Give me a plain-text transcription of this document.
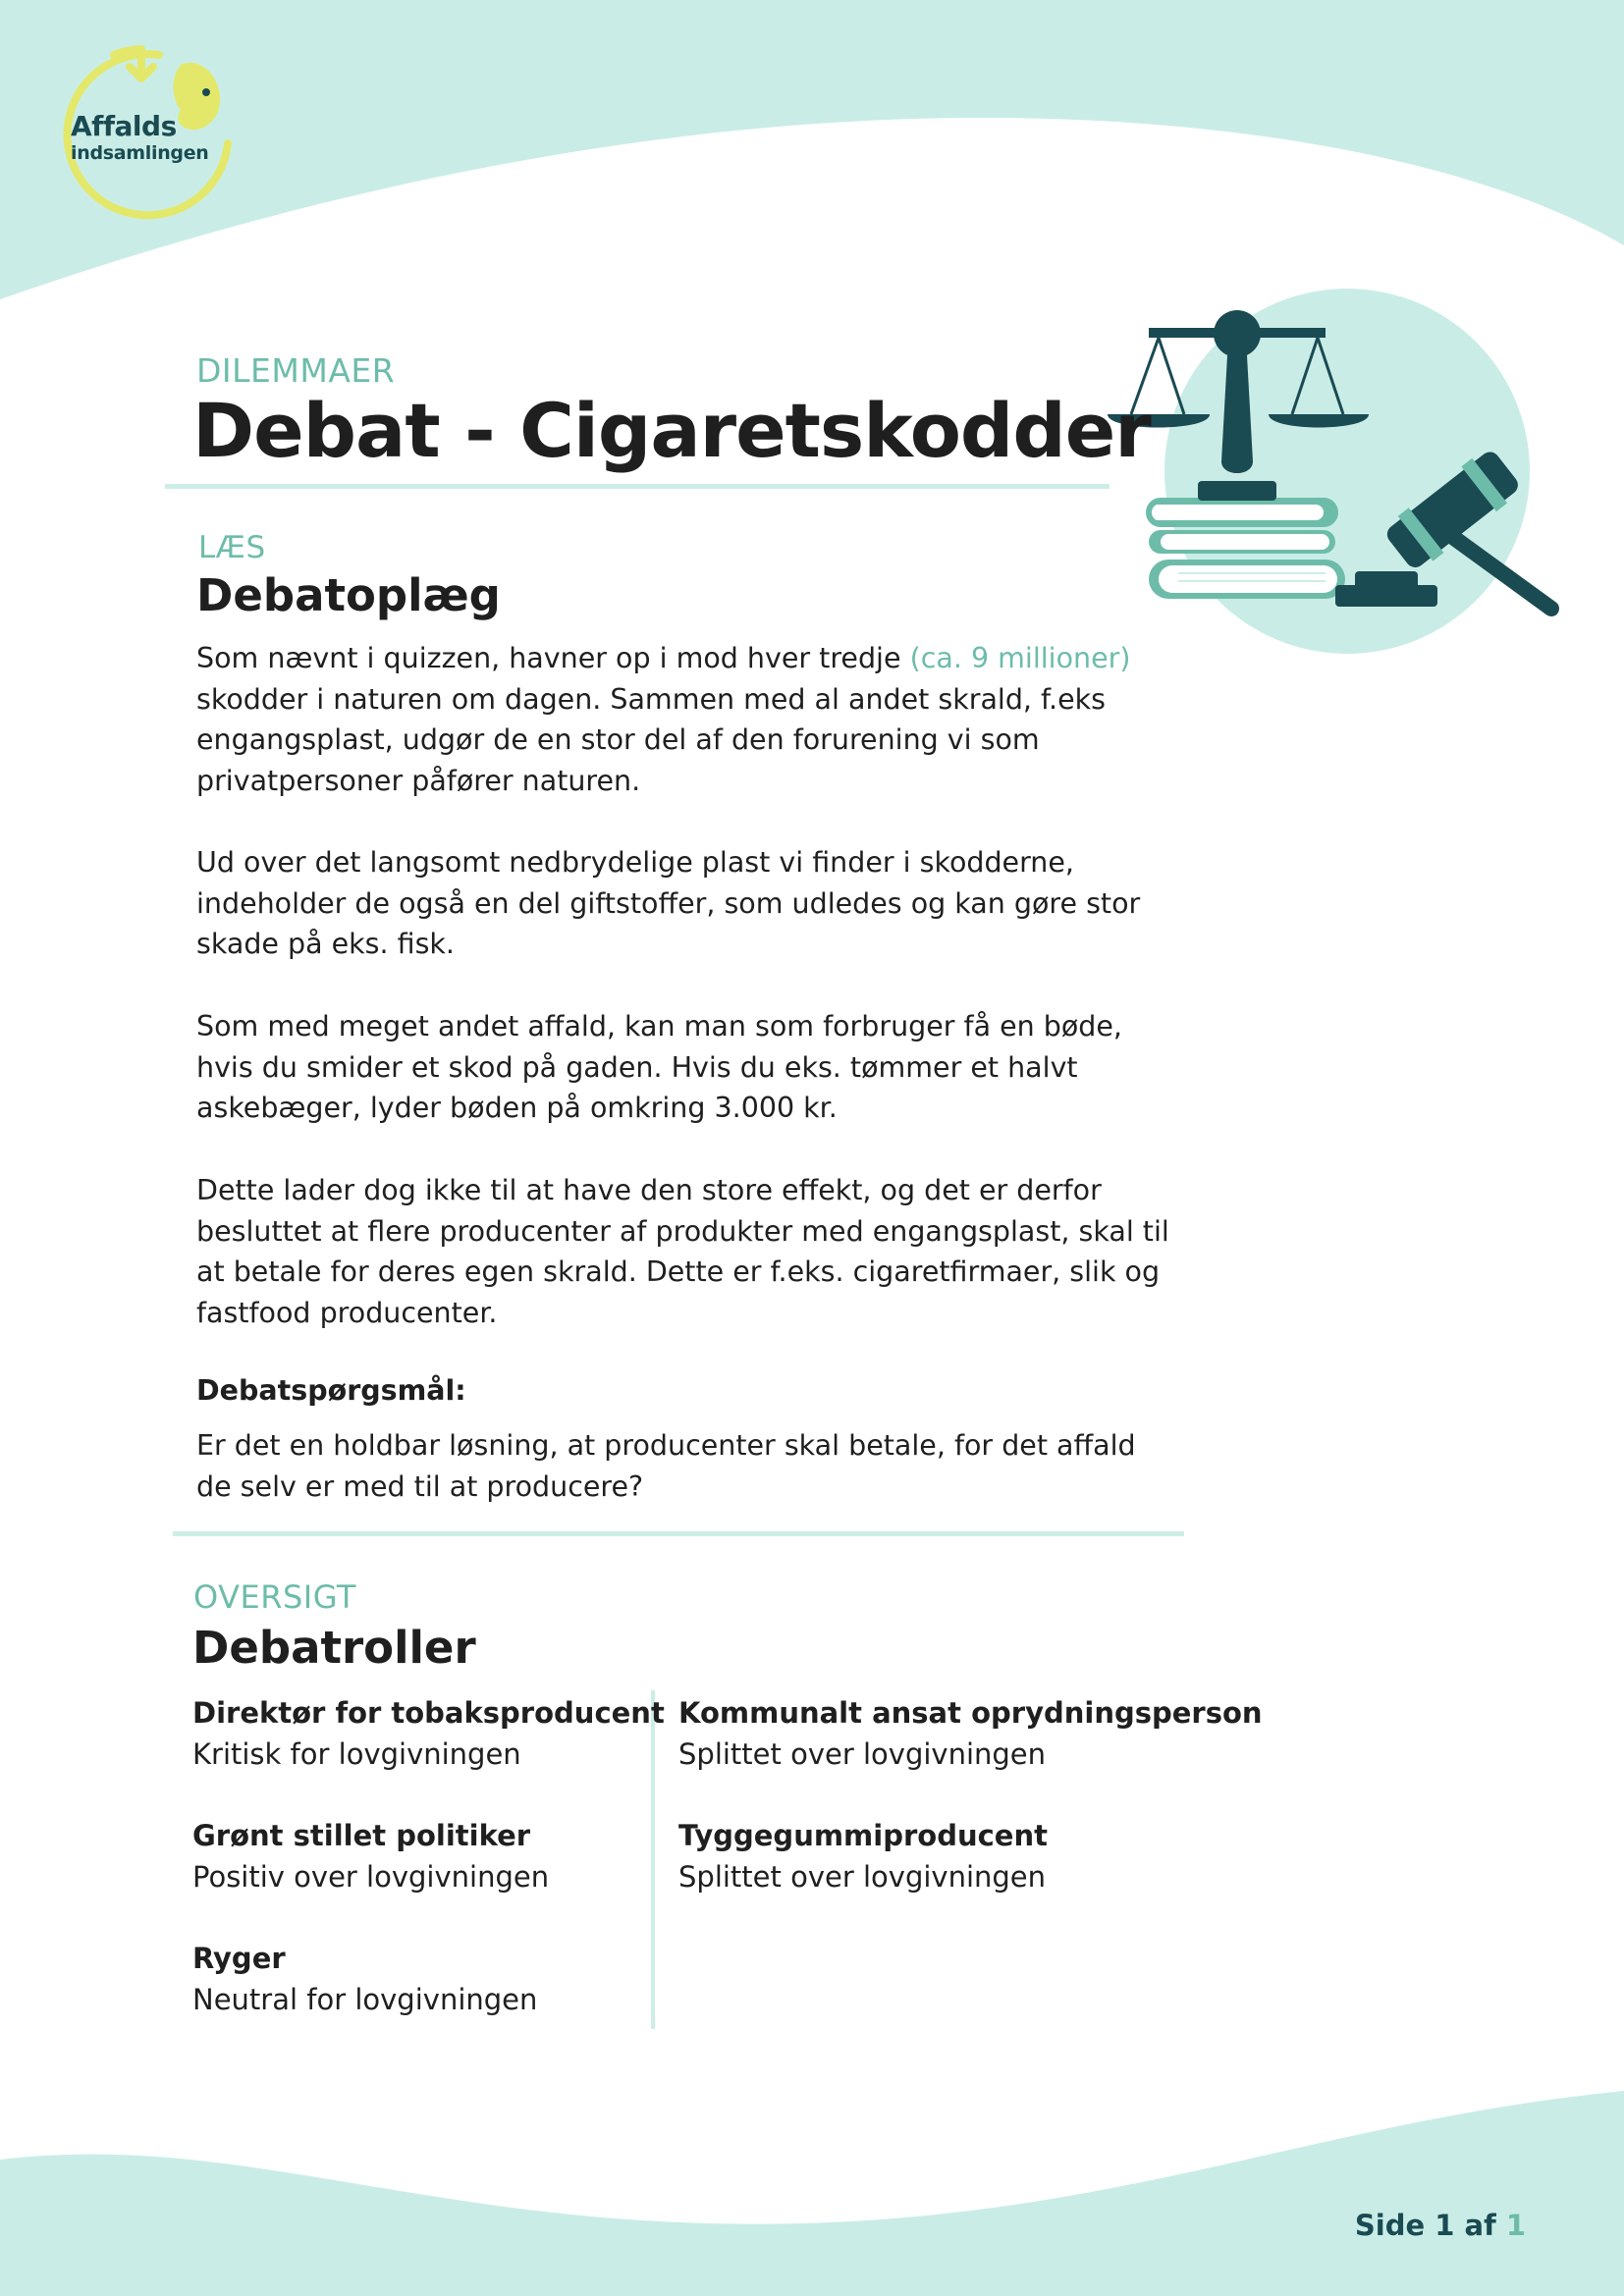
Affalds
indsamlingen
DILEMMAER
Debat - Cigaretskodder
LÆS
Debatoplæg

Som nævnt i quizzen, havner op i mod hver tredje (ca. 9 millioner) skodder i naturen om dagen. Sammen med al andet skrald, f.eks engangsplast, udgør de en stor del af den forurening vi som privatpersoner påfører naturen.

Ud over det langsomt nedbrydelige plast vi finder i skodderne, indeholder de også en del giftstoffer, som udledes og kan gøre stor skade på eks. fisk.

Som med meget andet affald, kan man som forbruger få en bøde, hvis du smider et skod på gaden. Hvis du eks. tømmer et halvt askebæger, lyder bøden på omkring 3.000 kr.

Dette lader dog ikke til at have den store effekt, og det er derfor besluttet at flere producenter af produkter med engangsplast, skal til at betale for deres egen skrald. Dette er f.eks. cigaretfirmaer, slik og fastfood producenter.

Debatspørgsmål:

Er det en holdbar løsning, at producenter skal betale, for det affald de selv er med til at producere?

OVERSIGT
Debatroller
Direktør for tobaksproducent
Kritisk for lovgivningen
Grønt stillet politiker
Positiv over lovgivningen
Ryger
Neutral for lovgivningen
Kommunalt ansat oprydningsperson
Splittet over lovgivningen
Tyggegummiproducent
Splittet over lovgivningen
Side 1 af 1
